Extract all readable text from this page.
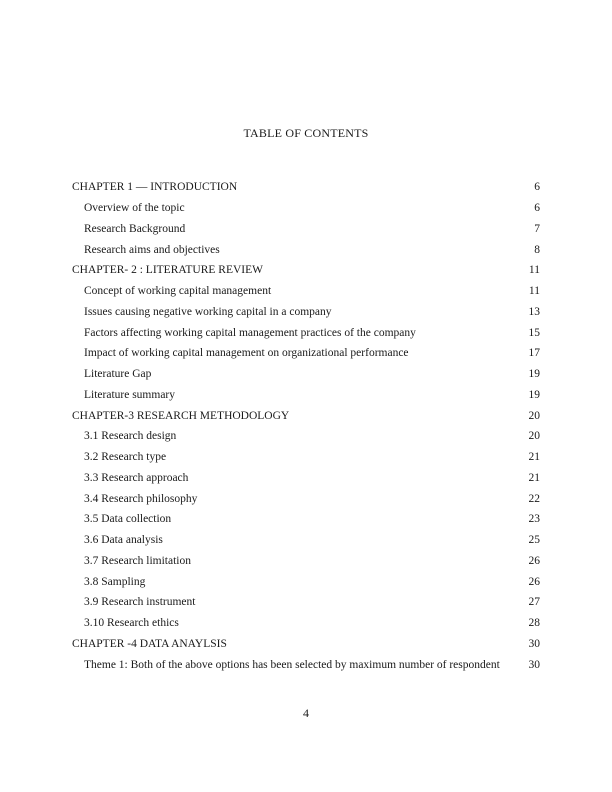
TABLE OF CONTENTS
CHAPTER 1 — INTRODUCTION	6
Overview of the topic	6
Research Background	7
Research aims and objectives	8
CHAPTER- 2 : LITERATURE REVIEW	11
Concept of working capital management	11
Issues causing negative working capital in a company	13
Factors affecting working capital management practices of the company	15
Impact of working capital management on organizational performance	17
Literature Gap	19
Literature summary	19
CHAPTER-3 RESEARCH METHODOLOGY	20
3.1 Research design	20
3.2 Research type	21
3.3 Research approach	21
3.4 Research philosophy	22
3.5 Data collection	23
3.6 Data analysis	25
3.7 Research limitation	26
3.8 Sampling	26
3.9 Research instrument	27
3.10 Research ethics	28
CHAPTER -4 DATA ANAYLSIS	30
Theme 1: Both of the above options has been selected by maximum number of respondent	30
4
